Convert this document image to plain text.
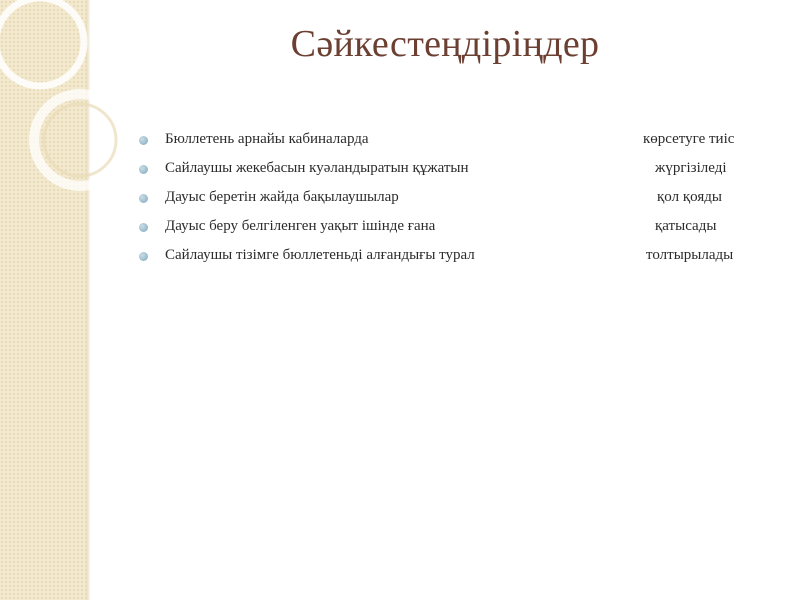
Сәйкестеңдіріңдер
Бюллетень арнайы кабиналарда	көрсетуге тиіс
Сайлаушы жекебасын куәландыратын құжатын	жүргізіледі
Дауыс беретін жайда бақылаушылар	қол қояды
Дауыс беру белгіленген уақыт ішінде ғана	қатысады
Сайлаушы тізімге бюллетеньді алғандығы турал	толтырылады
